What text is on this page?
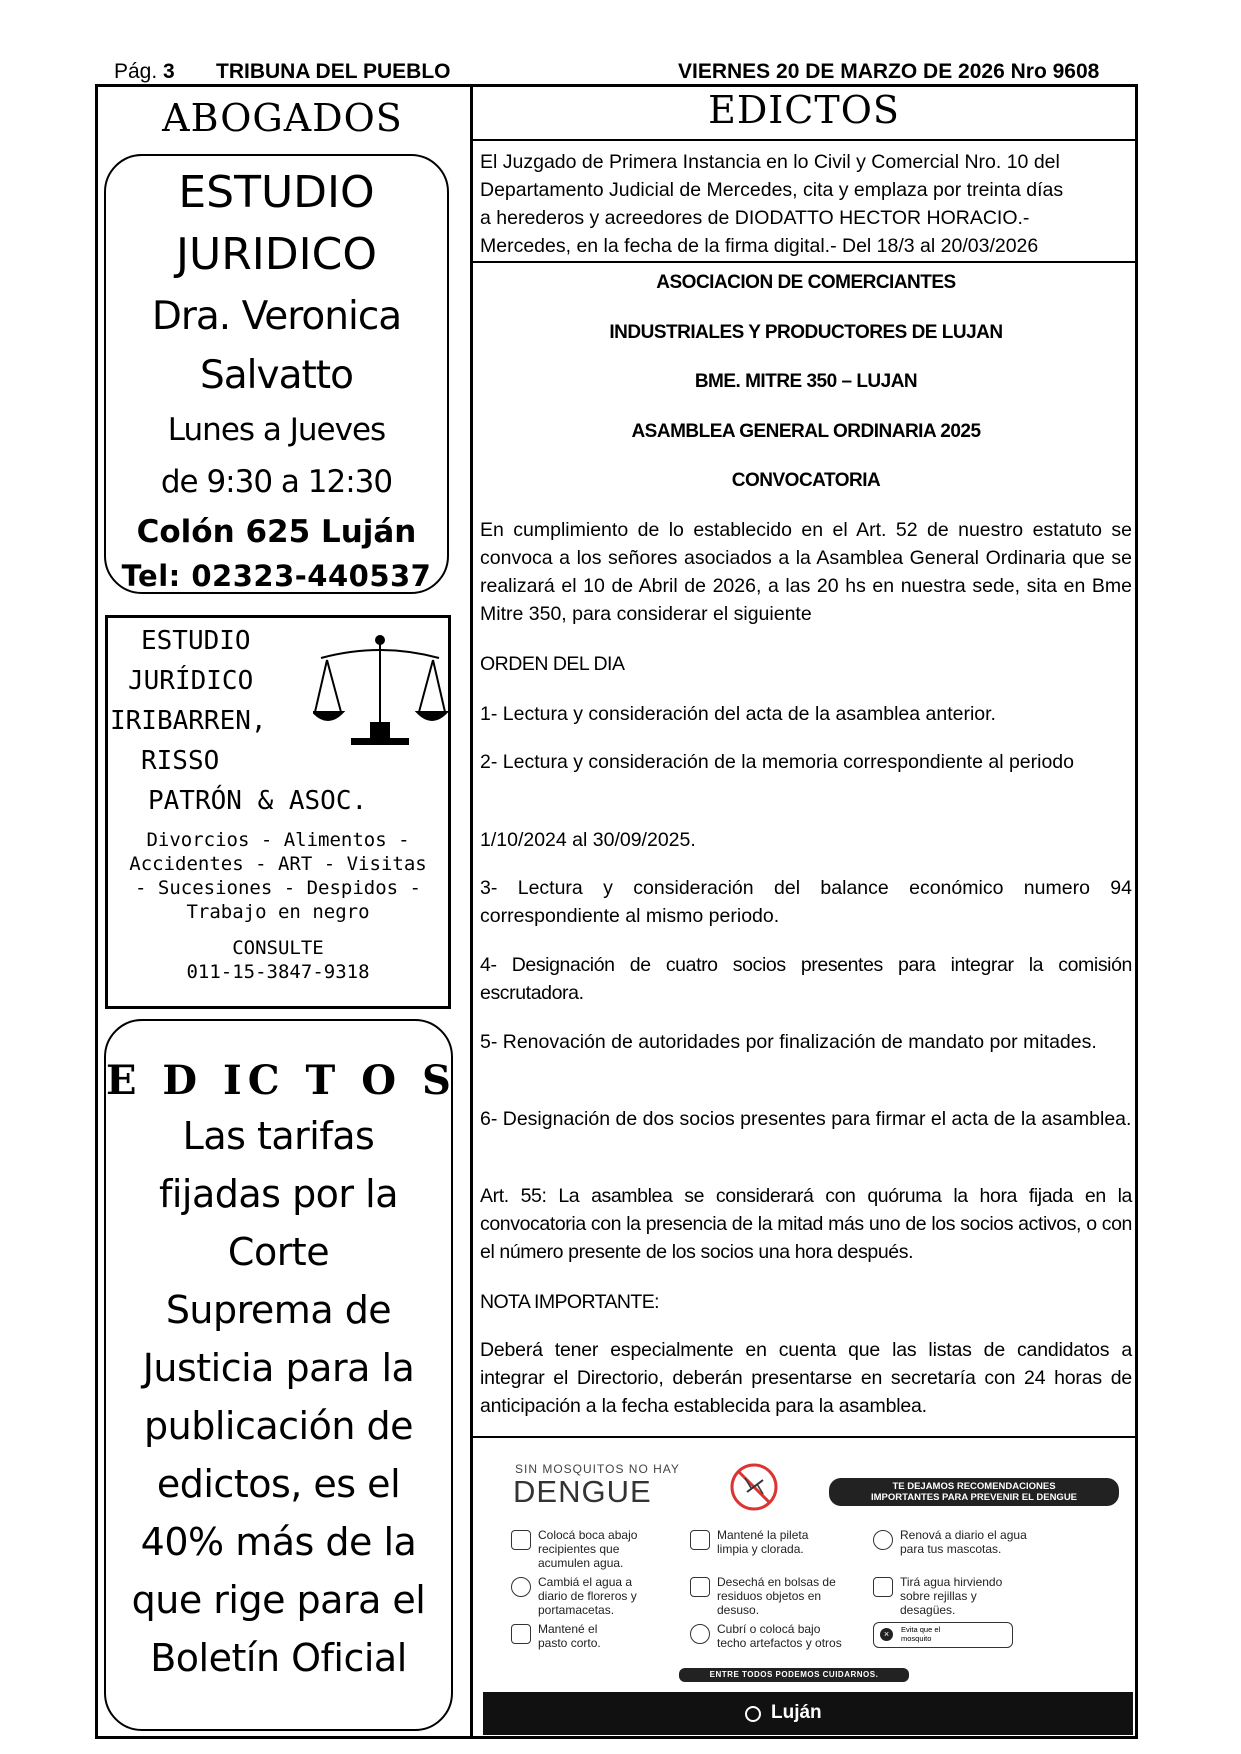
Pág. 3 TRIBUNA DEL PUEBLO	VIERNES 20 DE MARZO DE 2026 Nro 9608
ABOGADOS
ESTUDIO
JURIDICO
Dra. Veronica
Salvatto
Lunes a Jueves
de 9:30 a 12:30
Colón 625 Luján
Tel: 02323-440537
ESTUDIO
JURÍDICO
IRIBARREN,
RISSO
PATRÓN & ASOC.
Divorcios - Alimentos -
Accidentes - ART - Visitas
- Sucesiones - Despidos -
Trabajo en negro
CONSULTE
011-15-3847-9318
E D IC T O S
Las tarifas
fijadas por la
Corte
Suprema de
Justicia para la
publicación de
edictos, es el
40% más de la
que rige para el
Boletín Oficial
EDICTOS
El Juzgado de Primera Instancia en lo Civil y Comercial Nro. 10 del
Departamento Judicial de Mercedes, cita y emplaza por treinta días
a herederos y acreedores de DIODATTO HECTOR HORACIO.-
Mercedes, en la fecha de la firma digital.- Del 18/3 al 20/03/2026
ASOCIACION DE COMERCIANTES
INDUSTRIALES Y PRODUCTORES DE LUJAN
BME. MITRE 350 – LUJAN
ASAMBLEA GENERAL ORDINARIA 2025
CONVOCATORIA
En cumplimiento de lo establecido en el Art. 52 de nuestro estatuto se convoca a los señores asociados a la Asamblea General Ordinaria que se realizará el 10 de Abril de 2026, a las 20 hs en nuestra sede, sita en Bme Mitre 350, para considerar el siguiente
ORDEN DEL DIA
1- Lectura y consideración del acta de la asamblea anterior.
2- Lectura y consideración de la memoria correspondiente al periodo
1/10/2024 al 30/09/2025.
3- Lectura y consideración del balance económico numero 94 correspondiente al mismo periodo.
4- Designación de cuatro socios presentes para integrar la comisión escrutadora.
5- Renovación de autoridades por finalización de mandato por mitades.
6- Designación de dos socios presentes para firmar el acta de la asamblea.
Art. 55: La asamblea se considerará con quóruma la hora fijada en la convocatoria con la presencia de la mitad más uno de los socios activos, o con el número presente de los socios una hora después.
NOTA IMPORTANTE:
Deberá tener especialmente en cuenta que las listas de candidatos a integrar el Directorio, deberán presentarse en secretaría con 24 horas de anticipación a la fecha establecida para la asamblea.
SIN MOSQUITOS NO HAY
DENGUE	TE DEJAMOS RECOMENDACIONES
IMPORTANTES PARA PREVENIR EL DENGUE
Colocá boca abajo
recipientes que
acumulen agua.
Mantené la pileta
limpia y clorada.
Renová a diario el agua
para tus mascotas.
Cambiá el agua a
diario de floreros y
portamacetas.
Desechá en bolsas de
residuos objetos en
desuso.
Tirá agua hirviendo
sobre rejillas y
desagües.
Mantené el
pasto corto.
Cubrí o colocá bajo
techo artefactos y otros
×	Evita que el
mosquito
ENTRE TODOS PODEMOS CUIDARNOS.
Luján
